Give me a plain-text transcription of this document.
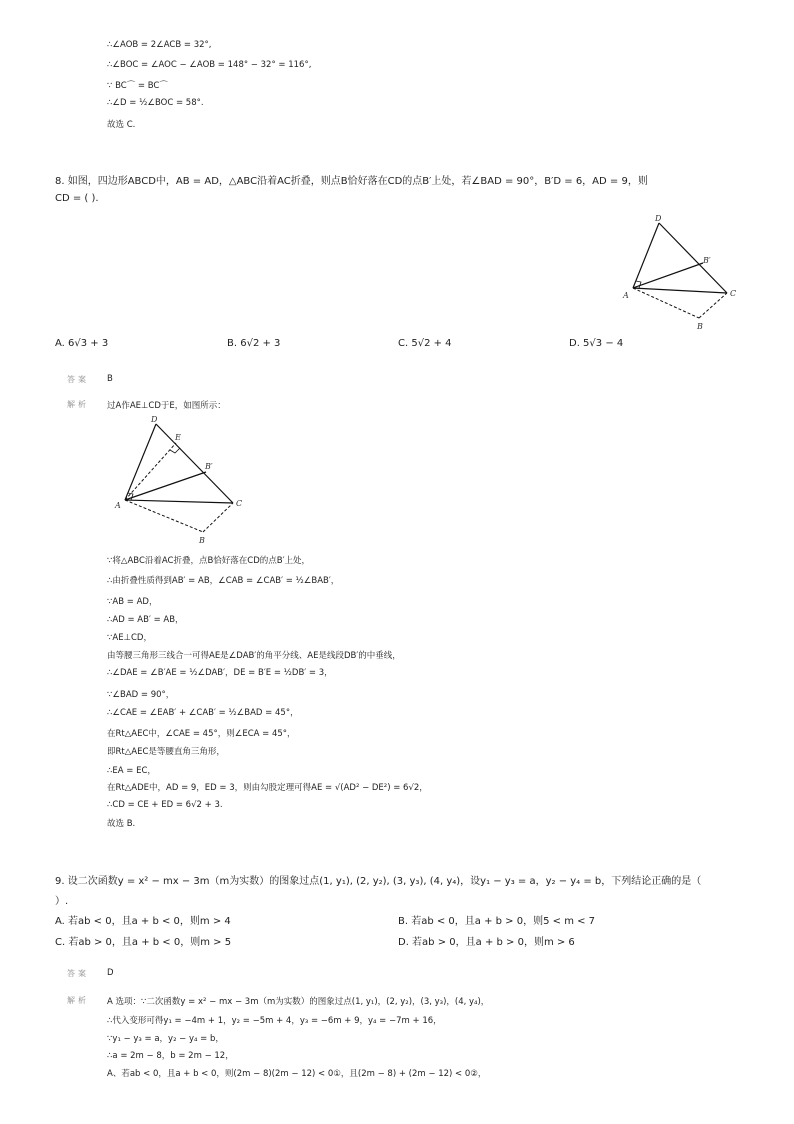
∴∠AOB = 2∠ACB = 32°,
∴∠BOC = ∠AOC − ∠AOB = 148° − 32° = 116°,
∵ BC⌒ = BC⌒
∴∠D = ½∠BOC = 58°.
故选 C.
8. 如图，四边形ABCD中，AB = AD，△ABC沿着AC折叠，则点B恰好落在CD的点B′上处，若∠BAD = 90°，B′D = 6，AD = 9，则
CD = ( ).
D
B′
A	C
B
A. 6√3 + 3	B. 6√2 + 3	C. 5√2 + 4	D. 5√3 − 4
答案 B
解析 过A作AE⊥CD于E，如图所示：
D
E
B′
A	C
B
∵将△ABC沿着AC折叠，点B恰好落在CD的点B′上处，
∴由折叠性质得到AB′ = AB，∠CAB = ∠CAB′ = ½∠BAB′，
∵AB = AD，
∴AD = AB′ = AB，
∵AE⊥CD，
由等腰三角形三线合一可得AE是∠DAB′的角平分线、AE是线段DB′的中垂线，
∴∠DAE = ∠B′AE = ½∠DAB′，DE = B′E = ½DB′ = 3，
∵∠BAD = 90°，
∴∠CAE = ∠EAB′ + ∠CAB′ = ½∠BAD = 45°，
在Rt△AEC中，∠CAE = 45°，则∠ECA = 45°，
即Rt△AEC是等腰直角三角形，
∴EA = EC，
在Rt△ADE中，AD = 9，ED = 3，则由勾股定理可得AE = √(AD² − DE²) = 6√2，
∴CD = CE + ED = 6√2 + 3.
故选 B.
9. 设二次函数y = x² − mx − 3m（m为实数）的图象过点(1, y₁), (2, y₂), (3, y₃), (4, y₄)，设y₁ − y₃ = a，y₂ − y₄ = b，下列结论正确的是（
）.
A. 若ab < 0，且a + b < 0，则m > 4	B. 若ab < 0，且a + b > 0，则5 < m < 7
C. 若ab > 0，且a + b < 0，则m > 5	D. 若ab > 0，且a + b > 0，则m > 6
答案 D
解析 A 选项：∵二次函数y = x² − mx − 3m（m为实数）的图象过点(1, y₁)，(2, y₂)，(3, y₃)，(4, y₄)，
∴代入变形可得y₁ = −4m + 1，y₂ = −5m + 4，y₃ = −6m + 9，y₄ = −7m + 16，
∵y₁ − y₃ = a，y₂ − y₄ = b，
∴a = 2m − 8，b = 2m − 12，
A、若ab < 0，且a + b < 0，则(2m − 8)(2m − 12) < 0①，且(2m − 8) + (2m − 12) < 0②，
